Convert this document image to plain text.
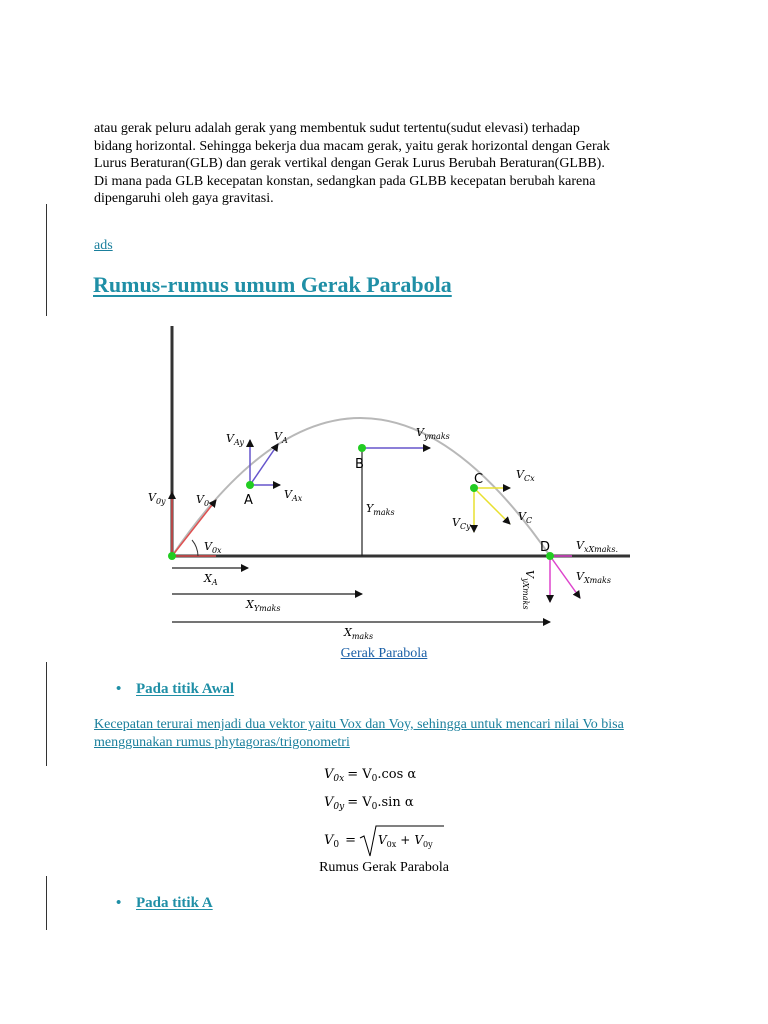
atau gerak peluru adalah gerak yang membentuk sudut tertentu(sudut elevasi) terhadap
bidang horizontal. Sehingga bekerja dua macam gerak, yaitu gerak horizontal dengan Gerak
Lurus Beraturan(GLB) dan gerak vertikal dengan Gerak Lurus Berubah Beraturan(GLBB).
Di mana pada GLB kecepatan konstan, sedangkan pada GLBB kecepatan berubah karena
dipengaruhi oleh gaya gravitasi.
ads
Rumus-rumus umum Gerak Parabola
A
B
C
D
$V_{0y}$	$V_0$
$V_{0x}$
$V_{Ay}$	$V_A$
$V_{Ax}$
$V_{ymaks}$
$Y_{maks}$
$V_{Cx}$
$V_C$
$V_{Cy}$
$V_{xXmaks.}$
$V_{yXmaks}$
$V_{Xmaks}$
$X_A$
$X_{Ymaks}$
$X_{maks}$
Gerak Parabola
• Pada titik Awal
Kecepatan terurai menjadi dua vektor yaitu Vox dan Voy, sehingga untuk mencari nilai Vo bisa menggunakan rumus phytagoras/trigonometri
$V_{0x} = V_0.\cos$ α
$V_{0y} = V_0.\sin$ α
$V_0 = V_{0x} + V_{0y}$
Rumus Gerak Parabola
• Pada titik A
